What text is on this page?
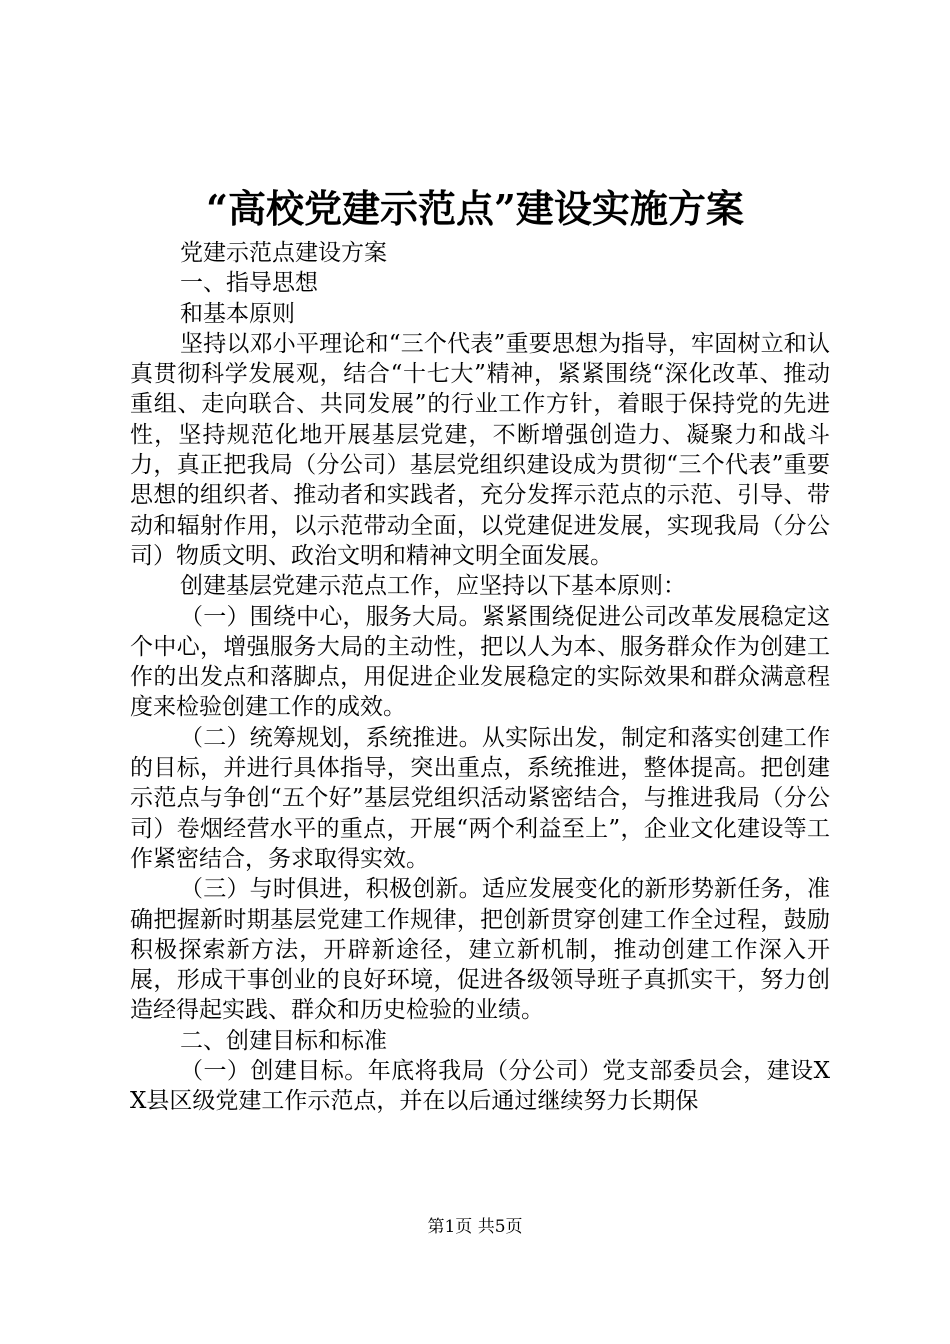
“高校党建示范点”建设实施方案

党建示范点建设方案

一、指导思想

和基本原则

坚持以邓小平理论和“三个代表”重要思想为指导，牢固树立和认真贯彻科学发展观，结合“十七大”精神，紧紧围绕“深化改革、推动重组、走向联合、共同发展”的行业工作方针，着眼于保持党的先进性，坚持规范化地开展基层党建，不断增强创造力、凝聚力和战斗力，真正把我局（分公司）基层党组织建设成为贯彻“三个代表”重要思想的组织者、推动者和实践者，充分发挥示范点的示范、引导、带动和辐射作用，以示范带动全面，以党建促进发展，实现我局（分公司）物质文明、政治文明和精神文明全面发展。

创建基层党建示范点工作，应坚持以下基本原则：

（一）围绕中心，服务大局。紧紧围绕促进公司改革发展稳定这个中心，增强服务大局的主动性，把以人为本、服务群众作为创建工作的出发点和落脚点，用促进企业发展稳定的实际效果和群众满意程度来检验创建工作的成效。

（二）统筹规划，系统推进。从实际出发，制定和落实创建工作的目标，并进行具体指导，突出重点，系统推进，整体提高。把创建示范点与争创“五个好”基层党组织活动紧密结合，与推进我局（分公司）卷烟经营水平的重点，开展“两个利益至上”，企业文化建设等工作紧密结合，务求取得实效。

（三）与时俱进，积极创新。适应发展变化的新形势新任务，准确把握新时期基层党建工作规律，把创新贯穿创建工作全过程，鼓励积极探索新方法，开辟新途径，建立新机制，推动创建工作深入开展，形成干事创业的良好环境，促进各级领导班子真抓实干，努力创造经得起实践、群众和历史检验的业绩。

二、创建目标和标准

（一）创建目标。年底将我局（分公司）党支部委员会，建设XX县区级党建工作示范点，并在以后通过继续努力长期保

第1页 共5页
